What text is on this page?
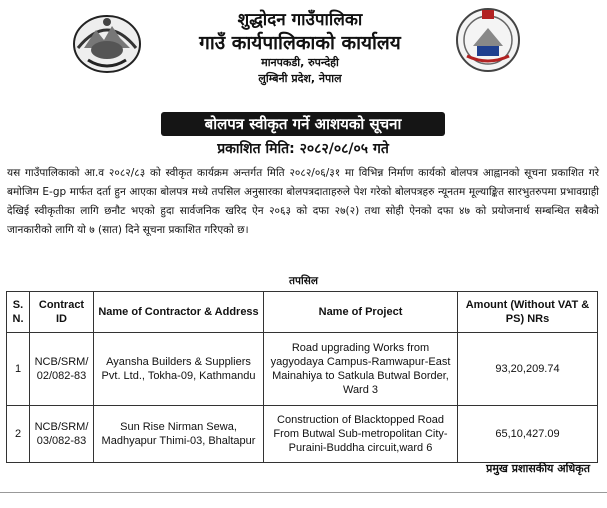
शुद्धोदन गाउँपालिका
गाउँ कार्यपालिकाको कार्यालय
मानपकडी, रुपन्देही
लुम्बिनी प्रदेश, नेपाल
बोलपत्र स्वीकृत गर्ने आशयको सूचना
प्रकाशित मिति: २०८२/०८/०५ गते

यस गाउँपालिकाको आ.व २०८२/८३ को स्वीकृत कार्यक्रम अन्तर्गत मिति २०८२/०६/३१ मा विभिन्न निर्माण कार्यको बोलपत्र आह्वानको सूचना प्रकाशित गरे बमोजिम E-gp मार्फत दर्ता हुन आएका बोलपत्र मध्ये तपसिल अनुसारका बोलपत्रदाताहरुले पेश गरेको बोलपत्रहरु न्यूनतम मूल्याङ्कित सारभुतरुपमा प्रभावग्राही देखिई स्वीकृतीका लागि छनौट भएको हुदा सार्वजनिक खरिद ऐन २०६३ को दफा २७(२) तथा सोही ऐनको दफा ४७ को प्रयोजनार्थ सम्बन्धित सबैको जानकारीको लागि यो ७ (सात) दिने सूचना प्रकाशित गरिएको छ।

तपसिल
S. N.	Contract ID	Name of Contractor & Address	Name of Project	Amount (Without VAT & PS) NRs
1	NCB/SRM/ 02/082-83	Ayansha Builders & Suppliers Pvt. Ltd., Tokha-09, Kathmandu	Road upgrading Works from yagyodaya Campus-Ramwapur-East Mainahiya to Satkula Butwal Border, Ward 3	93,20,209.74
2	NCB/SRM/ 03/082-83	Sun Rise Nirman Sewa, Madhyapur Thimi-03, Bhaltapur	Construction of Blacktopped Road From Butwal Sub-metropolitan City-Puraini-Buddha circuit,ward 6	65,10,427.09
प्रमुख प्रशासकीय अधिकृत
